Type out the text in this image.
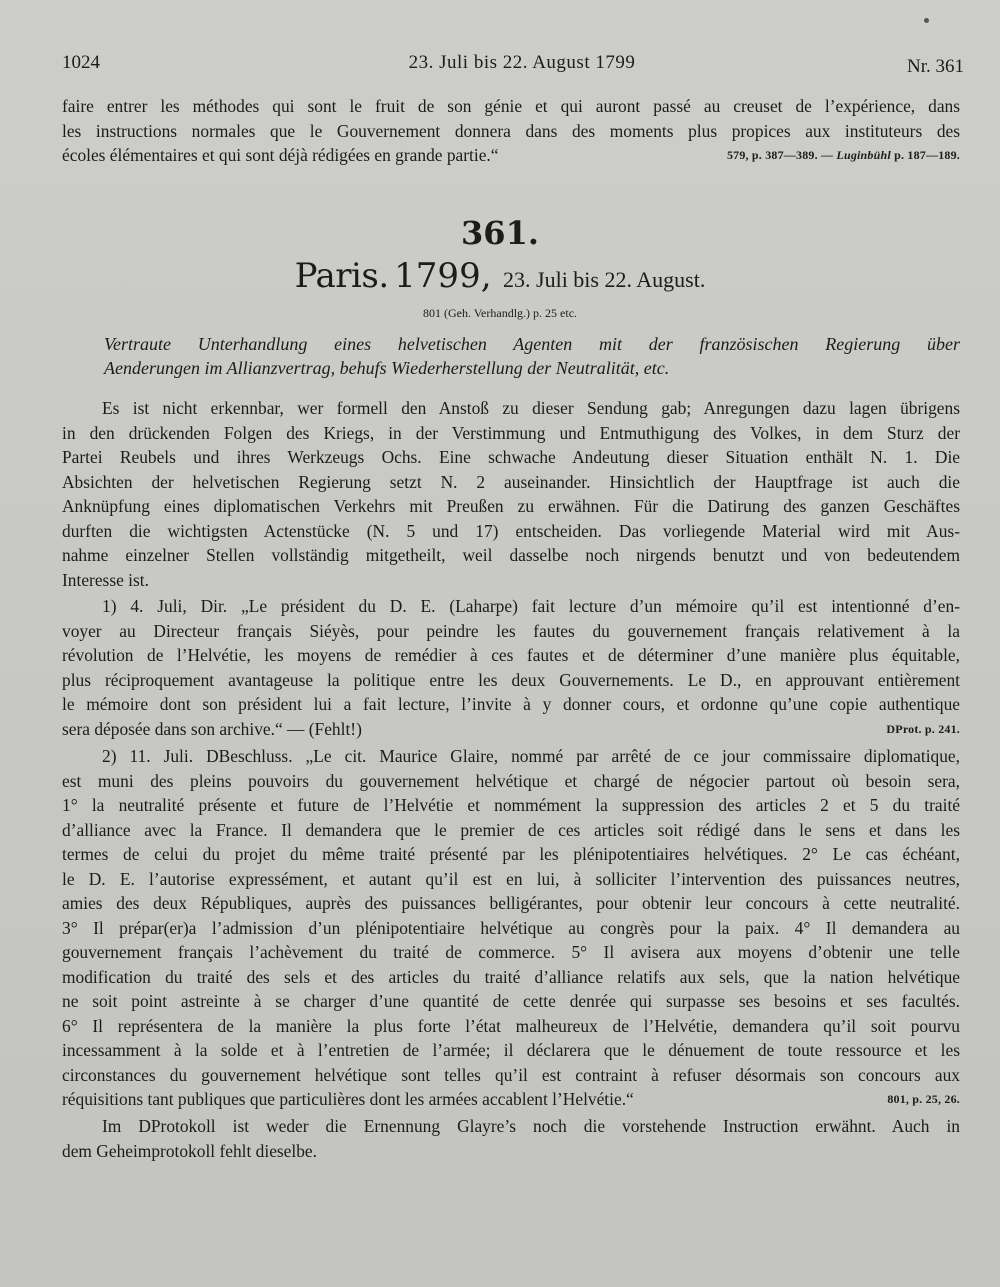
1024	23. Juli bis 22. August 1799	Nr. 361
faire entrer les méthodes qui sont le fruit de son génie et qui auront passé au creuset de l’expérience, dans
les instructions normales que le Gouvernement donnera dans des moments plus propices aux instituteurs des
écoles élémentaires et qui sont déjà rédigées en grande partie.“	579, p. 387—389. — Luginbühl p. 187—189.
361.
Paris. 1799, 23. Juli bis 22. August.
801 (Geh. Verhandlg.) p. 25 etc.
Vertraute Unterhandlung eines helvetischen Agenten mit der französischen Regierung über
Aenderungen im Allianzvertrag, behufs Wiederherstellung der Neutralität, etc.
Es ist nicht erkennbar, wer formell den Anstoß zu dieser Sendung gab; Anregungen dazu lagen übrigens
in den drückenden Folgen des Kriegs, in der Verstimmung und Entmuthigung des Volkes, in dem Sturz der
Partei Reubels und ihres Werkzeugs Ochs. Eine schwache Andeutung dieser Situation enthält N. 1. Die
Absichten der helvetischen Regierung setzt N. 2 auseinander. Hinsichtlich der Hauptfrage ist auch die
Anknüpfung eines diplomatischen Verkehrs mit Preußen zu erwähnen. Für die Datirung des ganzen Geschäftes
durften die wichtigsten Actenstücke (N. 5 und 17) entscheiden. Das vorliegende Material wird mit Aus-
nahme einzelner Stellen vollständig mitgetheilt, weil dasselbe noch nirgends benutzt und von bedeutendem
Interesse ist.
1) 4. Juli, Dir. „Le président du D. E. (Laharpe) fait lecture d’un mémoire qu’il est intentionné d’en-
voyer au Directeur français Siéyès, pour peindre les fautes du gouvernement français relativement à la
révolution de l’Helvétie, les moyens de remédier à ces fautes et de déterminer d’une manière plus équitable,
plus réciproquement avantageuse la politique entre les deux Gouvernements. Le D., en approuvant entièrement
le mémoire dont son président lui a fait lecture, l’invite à y donner cours, et ordonne qu’une copie authentique
sera déposée dans son archive.“ — (Fehlt!)	DProt. p. 241.
2) 11. Juli. DBeschluss. „Le cit. Maurice Glaire, nommé par arrêté de ce jour commissaire diplomatique,
est muni des pleins pouvoirs du gouvernement helvétique et chargé de négocier partout où besoin sera,
1° la neutralité présente et future de l’Helvétie et nommément la suppression des articles 2 et 5 du traité
d’alliance avec la France. Il demandera que le premier de ces articles soit rédigé dans le sens et dans les
termes de celui du projet du même traité présenté par les plénipotentiaires helvétiques. 2° Le cas échéant,
le D. E. l’autorise expressément, et autant qu’il est en lui, à solliciter l’intervention des puissances neutres,
amies des deux Républiques, auprès des puissances belligérantes, pour obtenir leur concours à cette neutralité.
3° Il prépar(er)a l’admission d’un plénipotentiaire helvétique au congrès pour la paix. 4° Il demandera au
gouvernement français l’achèvement du traité de commerce. 5° Il avisera aux moyens d’obtenir une telle
modification du traité des sels et des articles du traité d’alliance relatifs aux sels, que la nation helvétique
ne soit point astreinte à se charger d’une quantité de cette denrée qui surpasse ses besoins et ses facultés.
6° Il représentera de la manière la plus forte l’état malheureux de l’Helvétie, demandera qu’il soit pourvu
incessamment à la solde et à l’entretien de l’armée; il déclarera que le dénuement de toute ressource et les
circonstances du gouvernement helvétique sont telles qu’il est contraint à refuser désormais son concours aux
réquisitions tant publiques que particulières dont les armées accablent l’Helvétie.“	801, p. 25, 26.
Im DProtokoll ist weder die Ernennung Glayre’s noch die vorstehende Instruction erwähnt. Auch in
dem Geheimprotokoll fehlt dieselbe.
